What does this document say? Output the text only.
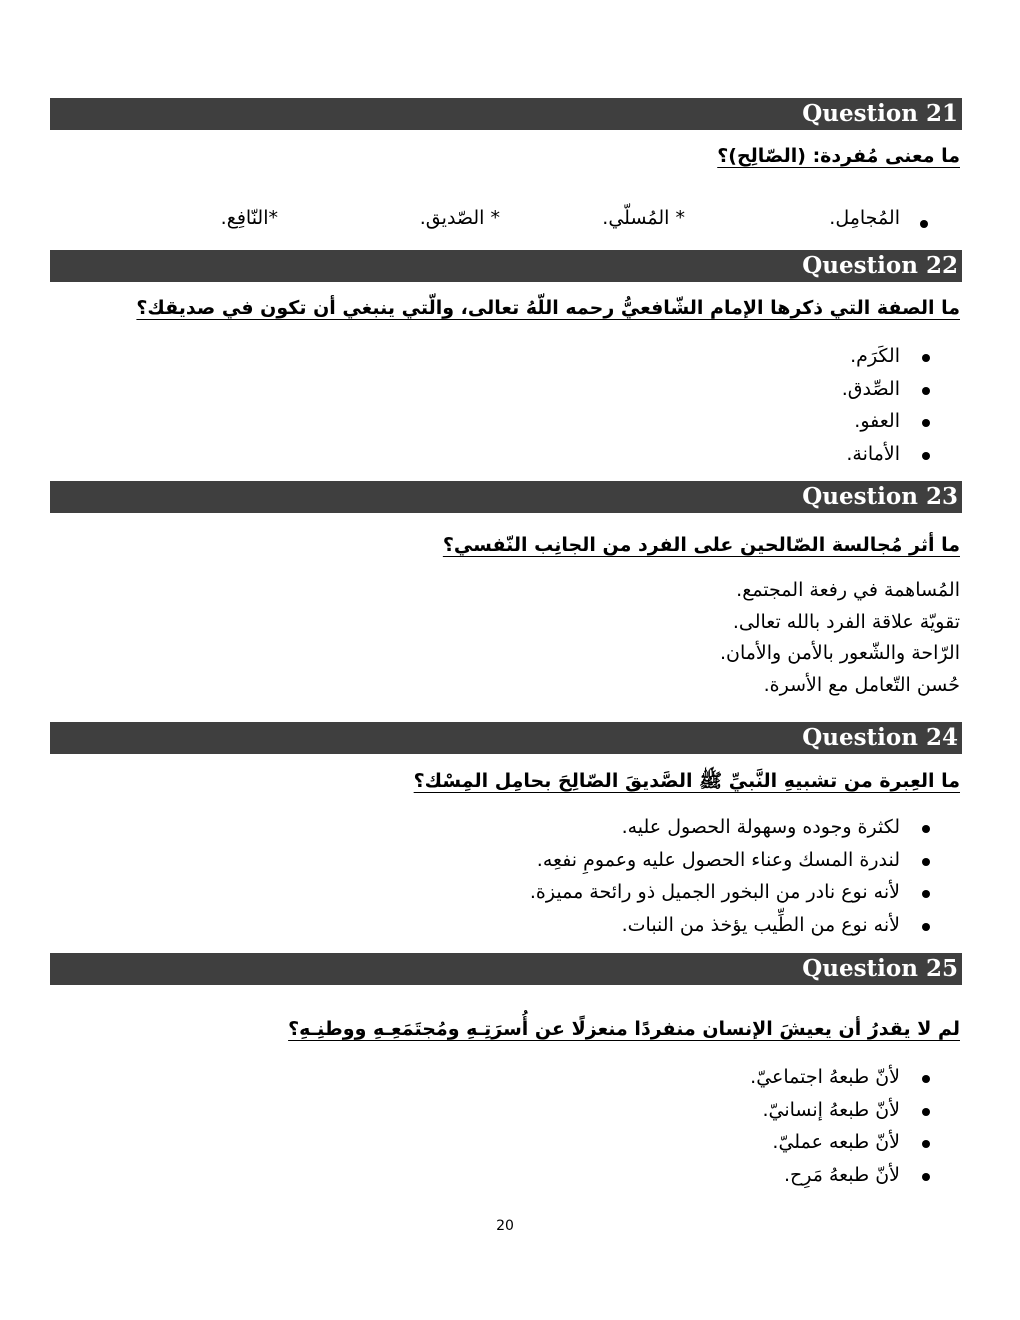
Question 21
ما معنى مُفردة: (الصّالِح)؟
المُجامِل.
* المُسلّي.
* الصّديق.
*النّافِع.
Question 22
ما الصفة التي ذكرها الإمام الشّافعيُّ رحمه اللّهُ تعالى، والّتي ينبغي أن تكون في صديقك؟
الكَرَم.
الصِّدق.
العفو.
الأمانة.
Question 23
ما أثر مُجالسة الصّالحين على الفرد من الجانِب النّفسي؟
المُساهمة في رفعة المجتمع.
تقويّة علاقة الفرد بالله تعالى.
الرّاحة والشّعور بالأمن والأمان.
حُسن التّعامل مع الأسرة.
Question 24
ما العِبرة من تشبيهِ النَّبيِّ ﷺ الصَّديقَ الصّالِحَ بحامِل المِسْك؟
لكثرة وجوده وسهولة الحصول عليه.
لندرة المسك وعناء الحصول عليه وعمومِ نفعِه.
لأنه نوع نادر من البخور الجميل ذو رائحة مميزة.
لأنه نوع من الطِّيب يؤخذ من النبات.
Question 25
لم لا يقدرُ أن يعيشَ الإنسان منفردًا منعزلًا عن أُسرَتِـهِ ومُجتَمَعِـهِ ووطنِـهِ؟
لأنّ طبعهُ اجتماعيّ.
لأنّ طبعهُ إنسانيّ.
لأنّ طبعه عمليّ.
لأنّ طبعهُ مَرِح.
20
